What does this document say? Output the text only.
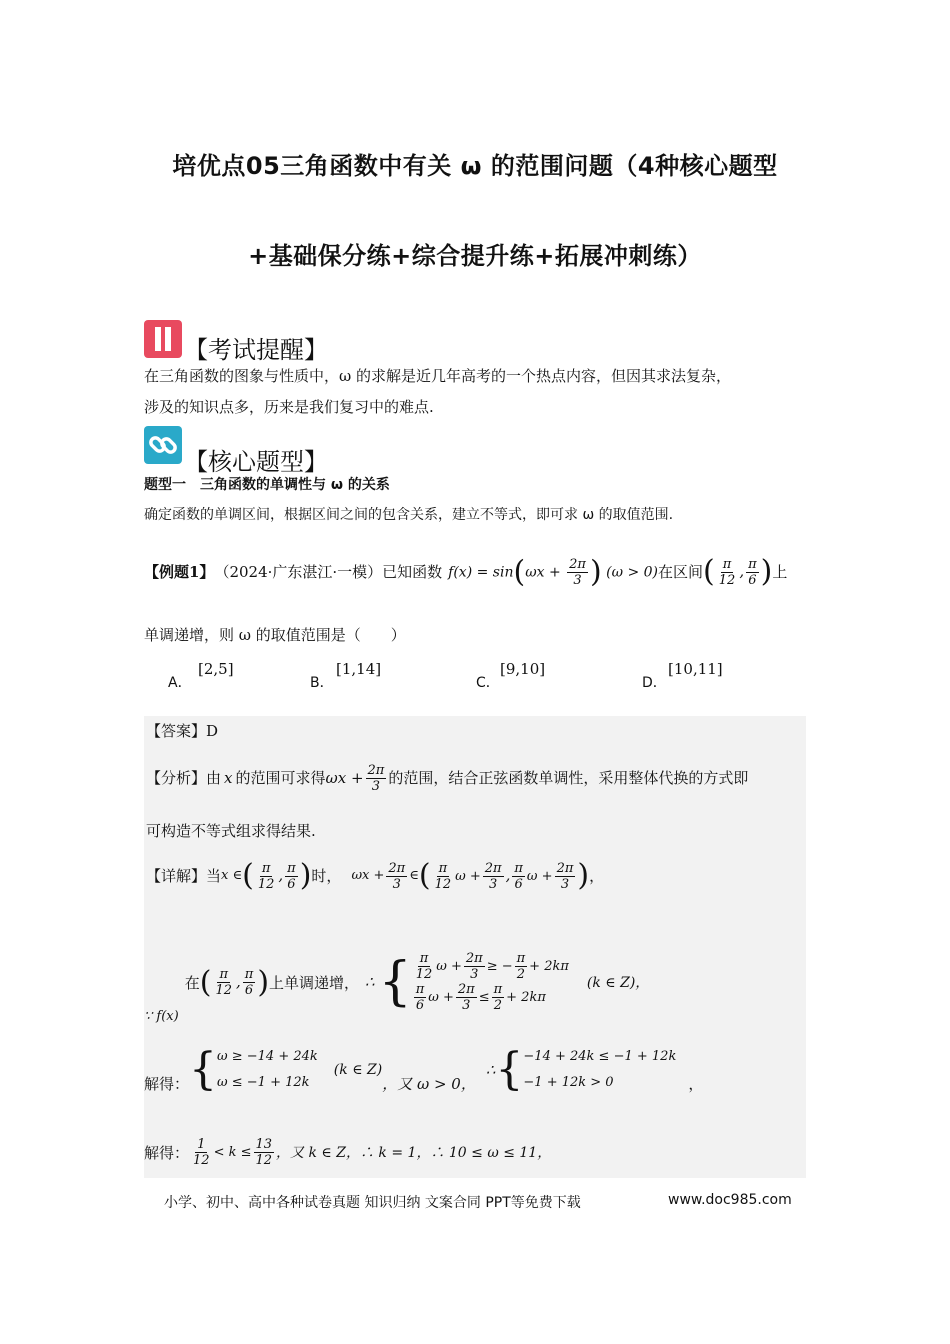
培优点05三角函数中有关 ω 的范围问题（4种核心题型
+基础保分练+综合提升练+拓展冲刺练）
【考试提醒】
在三角函数的图象与性质中，ω 的求解是近几年高考的一个热点内容，但因其求法复杂，
涉及的知识点多，历来是我们复习中的难点.
【核心题型】
题型一　三角函数的单调性与 ω 的关系
确定函数的单调区间，根据区间之间的包含关系，建立不等式，即可求 ω 的取值范围.
【例题1】 （2024·广东湛江·一模）已知函数 $f(x) = \sin(\omega x + \frac{2\pi}{3}$ ) (ω > 0) 在区间 ( $\frac{\pi}{12}$ , $\frac{\pi}{6}$ ) 上
单调递增，则 ω 的取值范围是（　　）
A．
[2,5]
B．
[1,14]
C．
[9,10]
D．
[10,11]
【答案】D
【分析】由 x 的范围可求得 $\omega x + \frac{2\pi}{3}$ 的范围，结合正弦函数单调性，采用整体代换的方式即
可构造不等式组求得结果.
【详解】当 x ∈ ( $\frac{\pi}{12}$ , $\frac{\pi}{6}$ ) 时， $\omega x + \frac{2\pi}{3}$ ∈ ( $\frac{\pi}{12}$ $\omega + \frac{2\pi}{3}$ , $\frac{\pi}{6}$ $\omega + \frac{2\pi}{3}$ ) ，
∵ f(x)
在 ( $\frac{\pi}{12}$ , $\frac{\pi}{6}$ ) 上单调递增， ∴ { $\frac{\pi}{12}$ $\omega + \frac{2\pi}{3}$ ≥ − $\frac{\pi}{2} + 2k\pi$
$\frac{\pi}{6}$ $\omega + \frac{2\pi}{3} \le \frac{\pi}{2} + 2k\pi$
(k ∈ Z)，
解得： { ω ≥ −14 + 24k
ω ≤ −1 + 12k
(k ∈ Z)
，又 ω > 0，
∴ { −14 + 24k ≤ −1 + 12k
−1 + 12k > 0	，
解得： $\frac{1}{12} < k \le \frac{13}{12}$ ，又 k ∈ Z，∴ k = 1，∴ 10 ≤ ω ≤ 11，
小学、初中、高中各种试卷真题 知识归纳 文案合同 PPT等免费下载	www.doc985.com
